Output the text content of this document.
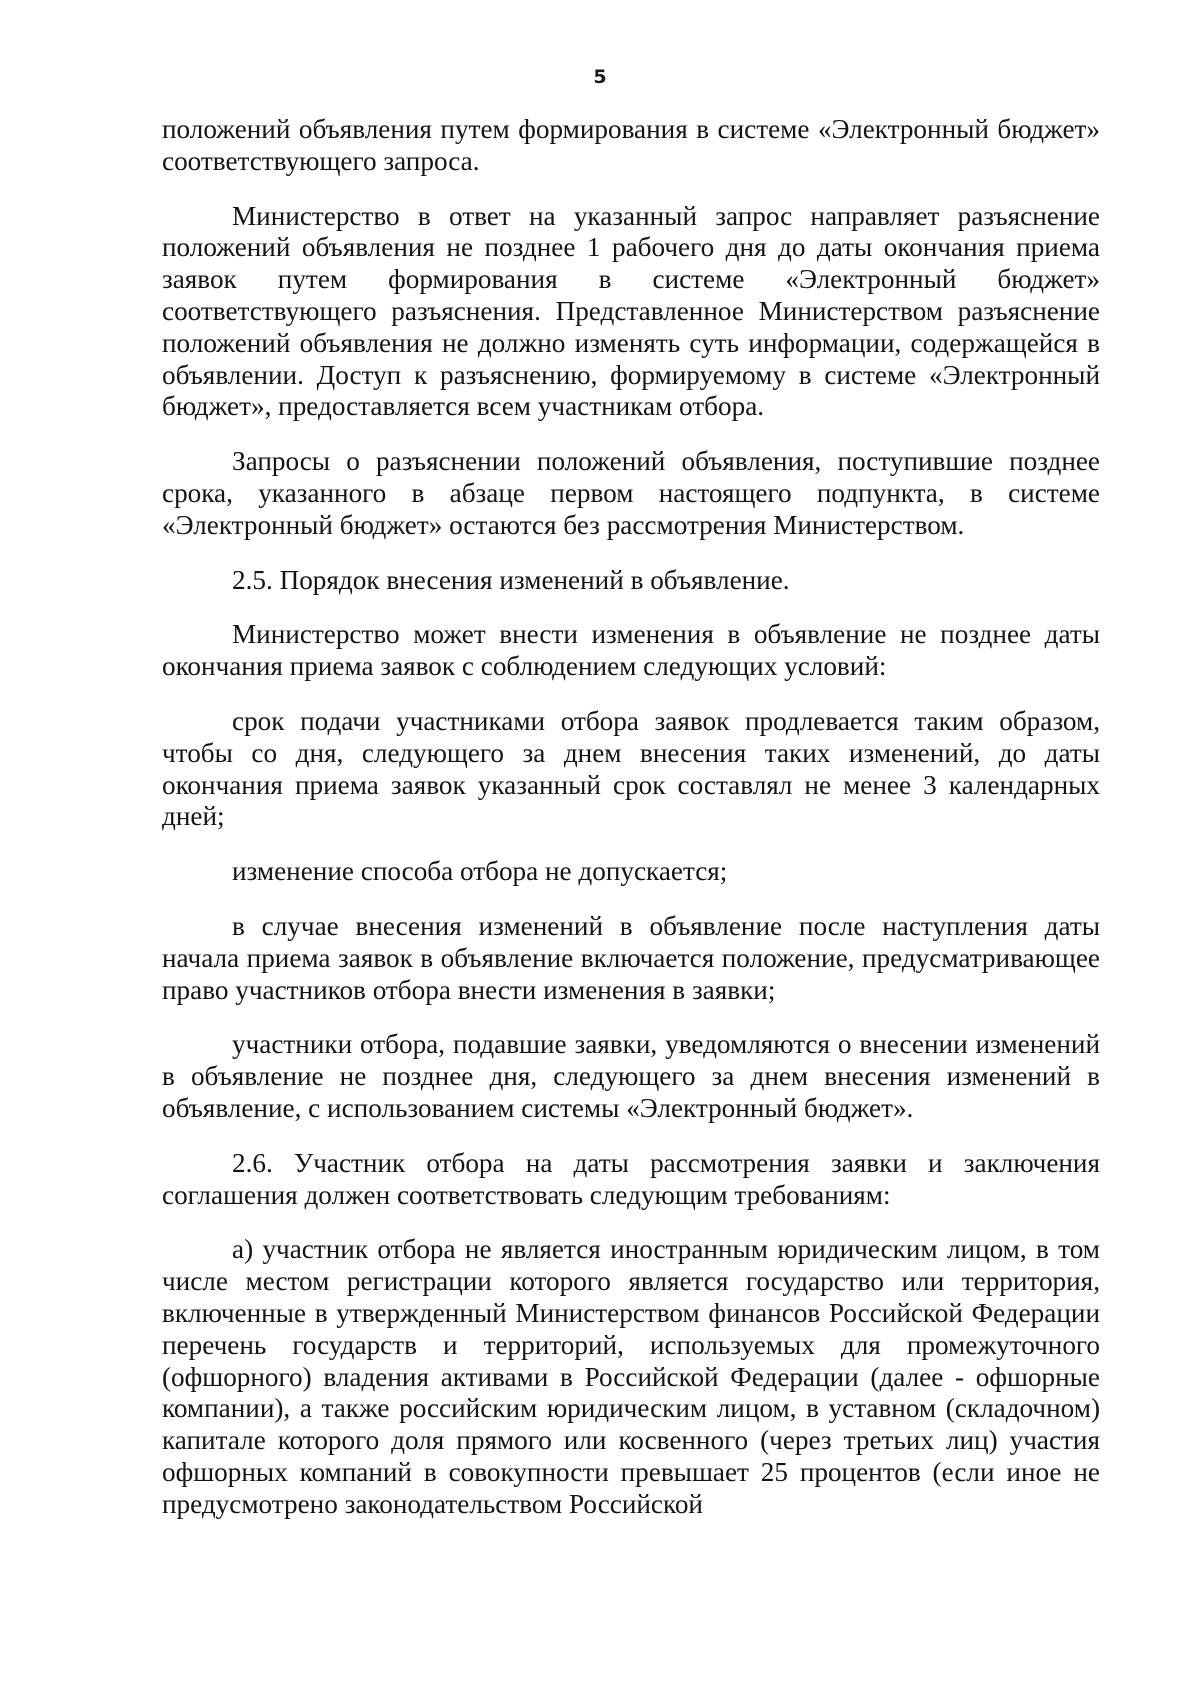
5

положений объявления путем формирования в системе «Электронный бюджет» соответствующего запроса.

Министерство в ответ на указанный запрос направляет разъяснение положений объявления не позднее 1 рабочего дня до даты окончания приема заявок путем формирования в системе «Электронный бюджет» соответствующего разъяснения. Представленное Министерством разъяснение положений объявления не должно изменять суть информации, содержащейся в объявлении. Доступ к разъяснению, формируемому в системе «Электронный бюджет», предоставляется всем участникам отбора.

Запросы о разъяснении положений объявления, поступившие позднее срока, указанного в абзаце первом настоящего подпункта, в системе «Электронный бюджет» остаются без рассмотрения Министерством.

2.5. Порядок внесения изменений в объявление.

Министерство может внести изменения в объявление не позднее даты окончания приема заявок с соблюдением следующих условий:

срок подачи участниками отбора заявок продлевается таким образом, чтобы со дня, следующего за днем внесения таких изменений, до даты окончания приема заявок указанный срок составлял не менее 3 календарных дней;

изменение способа отбора не допускается;

в случае внесения изменений в объявление после наступления даты начала приема заявок в объявление включается положение, предусматривающее право участников отбора внести изменения в заявки;

участники отбора, подавшие заявки, уведомляются о внесении изменений в объявление не позднее дня, следующего за днем внесения изменений в объявление, с использованием системы «Электронный бюджет».

2.6. Участник отбора на даты рассмотрения заявки и заключения соглашения должен соответствовать следующим требованиям:

а) участник отбора не является иностранным юридическим лицом, в том числе местом регистрации которого является государство или территория, включенные в утвержденный Министерством финансов Российской Федерации перечень государств и территорий, используемых для промежуточного (офшорного) владения активами в Российской Федерации (далее - офшорные компании), а также российским юридическим лицом, в уставном (складочном) капитале которого доля прямого или косвенного (через третьих лиц) участия офшорных компаний в совокупности превышает 25 процентов (если иное не предусмотрено законодательством Российской
